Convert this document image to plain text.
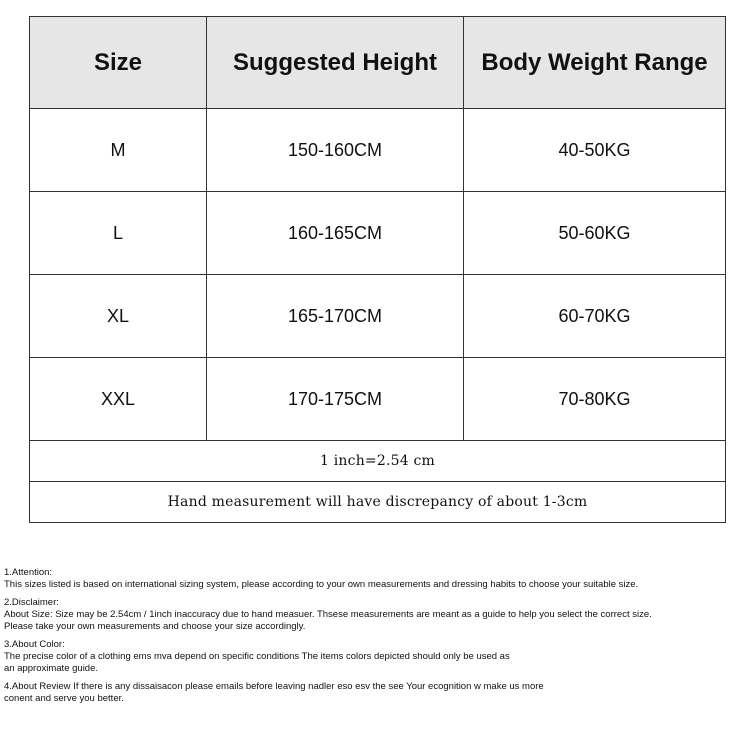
Size	Suggested Height	Body Weight Range
M	150-160CM	40-50KG
L	160-165CM	50-60KG
XL	165-170CM	60-70KG
XXL	170-175CM	70-80KG
1 inch=2.54 cm		
Hand measurement will have discrepancy of about 1-3cm		
1.Attention:
This sizes listed is based on international sizing system, please according to your own measurements and dressing habits to choose your suitable size.
2.Disclaimer:
About Size: Size may be 2.54cm / 1inch inaccuracy due to hand measuer. Thsese measurements are meant as a guide to help you select the correct size.
Please take your own measurements and choose your size accordingly.
3.About Color:
The precise color of a clothing ems mva depend on specific conditions The items colors depicted should only be used as
an approximate guide.
4.About Review If there is any dissaisacon please emails before leaving nadler eso esv the see Your ecognition w make us more
conent and serve you better.
